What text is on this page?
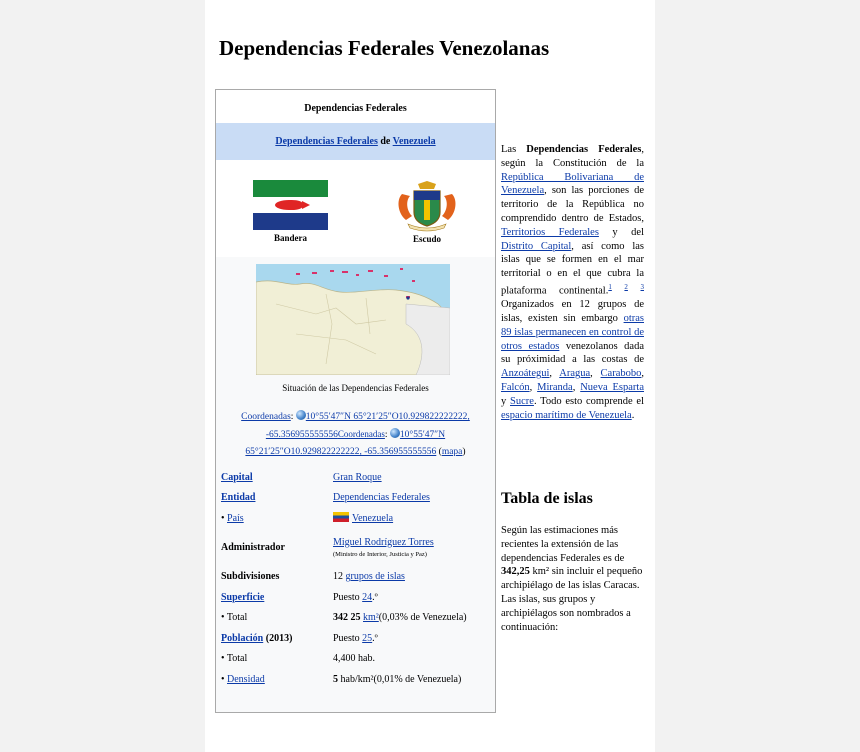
Dependencias Federales Venezolanas
Dependencias Federales
Dependencias Federales de Venezuela
Bandera	Escudo
Situación de las Dependencias Federales
Coordenadas: 10°55′47″N 65°21′25″O10.929822222222, -65.356955555556Coordenadas: 10°55′47″N 65°21′25″O10.929822222222, -65.356955555556 (mapa)
Capital	Gran Roque
Entidad	Dependencias Federales
• País	Venezuela
Administrador	Miguel Rodríguez Torres
(Ministro de Interior, Justicia y Paz)
Subdivisiones	12 grupos de islas
Superficie	Puesto 24.º
• Total	342 25 km²(0,03% de Venezuela)
Población (2013)	Puesto 25.º
• Total	4,400 hab.
• Densidad	5 hab/km²(0,01% de Venezuela)
Las Dependencias Federales, según la Constitución de la República Bolivariana de Venezuela, son las porciones de territorio de la República no comprendido dentro de Estados, Territorios Federales y del Distrito Capital, así como las islas que se formen en el mar territorial o en el que cubra la plataforma continental.$^1$ $^2$ $^3$ Organizados en 12 grupos de islas, existen sin embargo otras 89 islas permanecen en control de otros estados venezolanos dada su próximidad a las costas de Anzoátegui, Aragua, Carabobo, Falcón, Miranda, Nueva Esparta y Sucre. Todo esto comprende el espacio marítimo de Venezuela.
Tabla de islas
Según las estimaciones más recientes la extensión de las dependencias Federales es de 342,25 km² sin incluir el pequeño archipiélago de las islas Caracas. Las islas, sus grupos y archipiélagos son nombrados a continuación:
